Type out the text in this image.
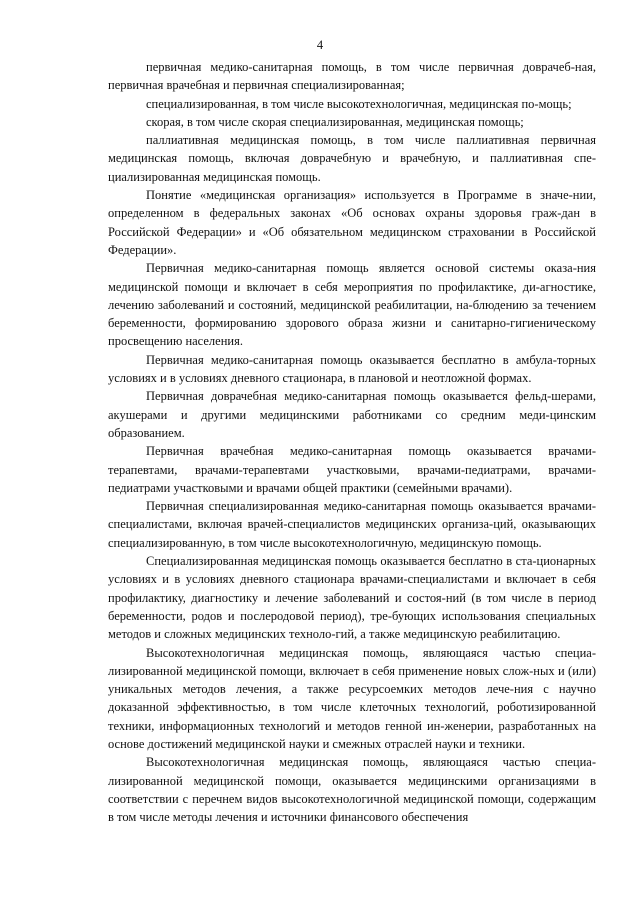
4

первичная медико-санитарная помощь, в том числе первичная доврачеб-ная, первичная врачебная и первичная специализированная;

специализированная, в том числе высокотехнологичная, медицинская по-мощь;

скорая, в том числе скорая специализированная, медицинская помощь;

паллиативная медицинская помощь, в том числе паллиативная первичная медицинская помощь, включая доврачебную и врачебную, и паллиативная спе-циализированная медицинская помощь.

Понятие «медицинская организация» используется в Программе в значе-нии, определенном в федеральных законах «Об основах охраны здоровья граж-дан в Российской Федерации» и «Об обязательном медицинском страховании в Российской Федерации».

Первичная медико-санитарная помощь является основой системы оказа-ния медицинской помощи и включает в себя мероприятия по профилактике, ди-агностике, лечению заболеваний и состояний, медицинской реабилитации, на-блюдению за течением беременности, формированию здорового образа жизни и санитарно-гигиеническому просвещению населения.

Первичная медико-санитарная помощь оказывается бесплатно в амбула-торных условиях и в условиях дневного стационара, в плановой и неотложной формах.

Первичная доврачебная медико-санитарная помощь оказывается фельд-шерами, акушерами и другими медицинскими работниками со средним меди-цинским образованием.

Первичная врачебная медико-санитарная помощь оказывается врачами-терапевтами, врачами-терапевтами участковыми, врачами-педиатрами, врачами-педиатрами участковыми и врачами общей практики (семейными врачами).

Первичная специализированная медико-санитарная помощь оказывается врачами-специалистами, включая врачей-специалистов медицинских организа-ций, оказывающих специализированную, в том числе высокотехнологичную, медицинскую помощь.

Специализированная медицинская помощь оказывается бесплатно в ста-ционарных условиях и в условиях дневного стационара врачами-специалистами и включает в себя профилактику, диагностику и лечение заболеваний и состоя-ний (в том числе в период беременности, родов и послеродовой период), тре-бующих использования специальных методов и сложных медицинских техноло-гий, а также медицинскую реабилитацию.

Высокотехнологичная медицинская помощь, являющаяся частью специа-лизированной медицинской помощи, включает в себя применение новых слож-ных и (или) уникальных методов лечения, а также ресурсоемких методов лече-ния с научно доказанной эффективностью, в том числе клеточных технологий, роботизированной техники, информационных технологий и методов генной ин-женерии, разработанных на основе достижений медицинской науки и смежных отраслей науки и техники.

Высокотехнологичная медицинская помощь, являющаяся частью специа-лизированной медицинской помощи, оказывается медицинскими организациями в соответствии с перечнем видов высокотехнологичной медицинской помощи, содержащим в том числе методы лечения и источники финансового обеспечения
